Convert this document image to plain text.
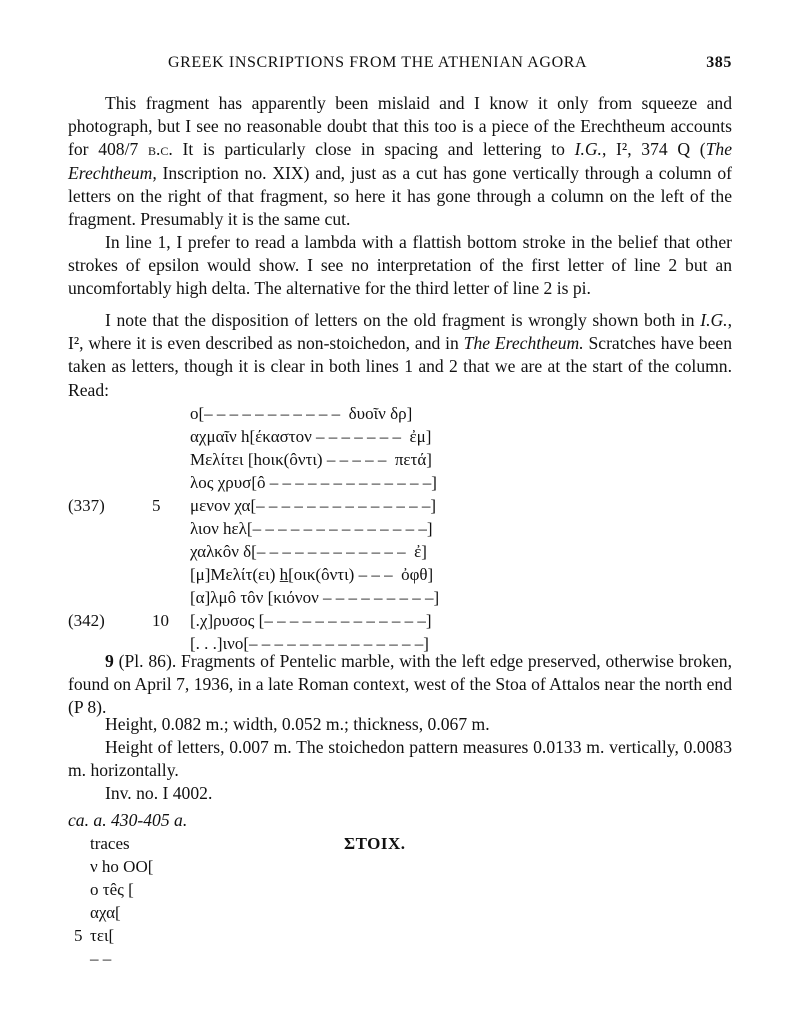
GREEK INSCRIPTIONS FROM THE ATHENIAN AGORA	385
This fragment has apparently been mislaid and I know it only from squeeze and photograph, but I see no reasonable doubt that this too is a piece of the Erechtheum accounts for 408/7 b.c. It is particularly close in spacing and lettering to I.G., I², 374 Q (The Erechtheum, Inscription no. XIX) and, just as a cut has gone vertically through a column of letters on the right of that fragment, so here it has gone through a column on the left of the fragment. Presumably it is the same cut.
In line 1, I prefer to read a lambda with a flattish bottom stroke in the belief that other strokes of epsilon would show. I see no interpretation of the first letter of line 2 but an uncomfortably high delta. The alternative for the third letter of line 2 is pi.
I note that the disposition of letters on the old fragment is wrongly shown both in I.G., I², where it is even described as non-stoichedon, and in The Erechtheum. Scratches have been taken as letters, though it is clear in both lines 1 and 2 that we are at the start of the column. Read:
ο[– – – – – – – – – – –  δυοῖν δρ]
αχμαῖν h[έκαστον – – – – – – –  ἐμ]
Μελίτει [hοικ(ôντι) – – – – –  πετά]
λος χρυσ[ô – – – – – – – – – – – – –]
(337)	5 μενον χα[– – – – – – – – – – – – – –]
λιον hελ[– – – – – – – – – – – – – –]
χαλκôν δ[– – – – – – – – – – – –  ἐ]
[μ]Μελίτ(ει) h̲[οικ(ôντι) – – –  ὀφθ]
[α]λμô τôν [κιόνον – – – – – – – – –]
(342)	10 [.χ]ρυσος [– – – – – – – – – – – – –]
[. . .]ινο[– – – – – – – – – – – – – –]
9 (Pl. 86). Fragments of Pentelic marble, with the left edge preserved, otherwise broken, found on April 7, 1936, in a late Roman context, west of the Stoa of Attalos near the north end (P 8).
Height, 0.082 m.; width, 0.052 m.; thickness, 0.067 m.
Height of letters, 0.007 m. The stoichedon pattern measures 0.0133 m. vertically, 0.0083 m. horizontally.
Inv. no. I 4002.
ca. a. 430-405 a.
traces	ΣΤΟΙΧ.
ν hο OO[
ο τêς [
αχα[
5 τει[
– –
